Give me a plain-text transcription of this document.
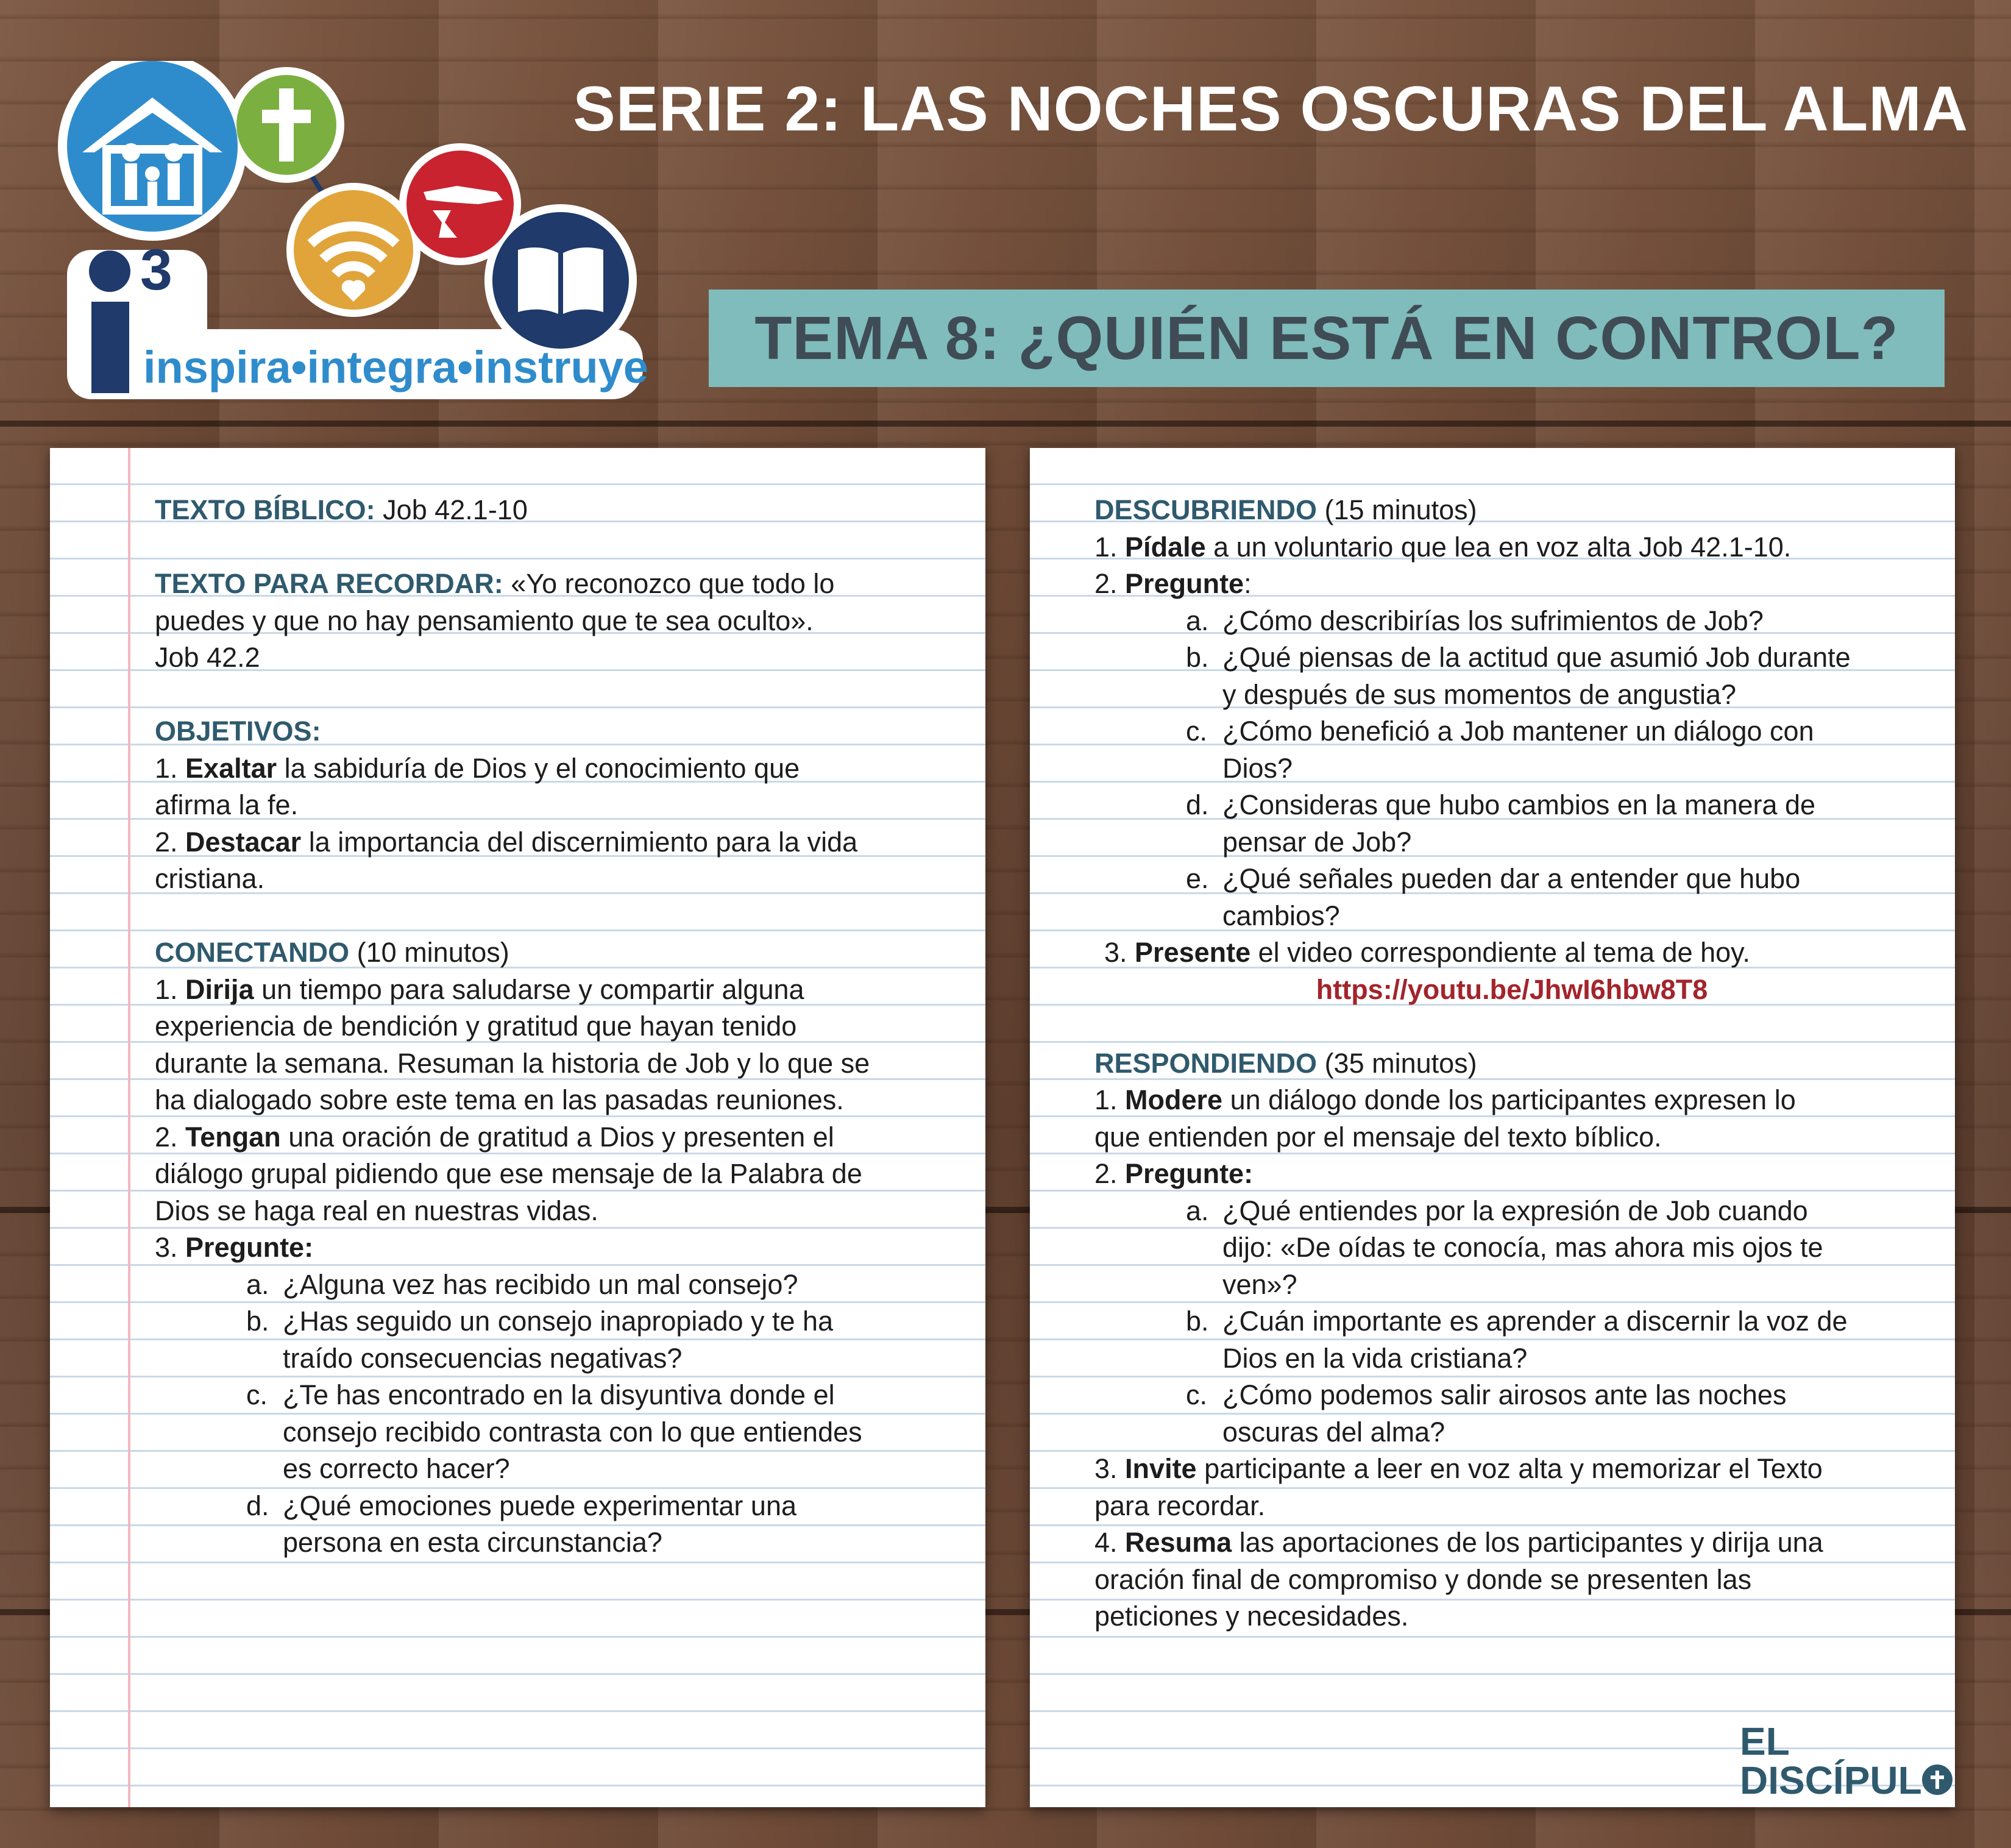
3
inspira•integra•instruye
SERIE 2: LAS NOCHES OSCURAS DEL ALMA
TEMA 8: ¿QUIÉN ESTÁ EN CONTROL?
TEXTO BÍBLICO: Job 42.1-10
TEXTO PARA RECORDAR: «Yo reconozco que todo lo
puedes y que no hay pensamiento que te sea oculto».
Job 42.2
OBJETIVOS:
1. Exaltar la sabiduría de Dios y el conocimiento que
afirma la fe.
2. Destacar la importancia del discernimiento para la vida
cristiana.
CONECTANDO (10 minutos)
1. Dirija un tiempo para saludarse y compartir alguna
experiencia de bendición y gratitud que hayan tenido
durante la semana. Resuman la historia de Job y lo que se
ha dialogado sobre este tema en las pasadas reuniones.
2. Tengan una oración de gratitud a Dios y presenten el
diálogo grupal pidiendo que ese mensaje de la Palabra de
Dios se haga real en nuestras vidas.
3. Pregunte:
a. ¿Alguna vez has recibido un mal consejo?
b. ¿Has seguido un consejo inapropiado y te ha
traído consecuencias negativas?
c. ¿Te has encontrado en la disyuntiva donde el
consejo recibido contrasta con lo que entiendes
es correcto hacer?
d. ¿Qué emociones puede experimentar una
persona en esta circunstancia?
DESCUBRIENDO (15 minutos)
1. Pídale a un voluntario que lea en voz alta Job 42.1-10.
2. Pregunte:
a. ¿Cómo describirías los sufrimientos de Job?
b. ¿Qué piensas de la actitud que asumió Job durante
y después de sus momentos de angustia?
c. ¿Cómo benefició a Job mantener un diálogo con
Dios?
d. ¿Consideras que hubo cambios en la manera de
pensar de Job?
e. ¿Qué señales pueden dar a entender que hubo
cambios?
3. Presente el video correspondiente al tema de hoy.
https://youtu.be/JhwI6hbw8T8
RESPONDIENDO (35 minutos)
1. Modere un diálogo donde los participantes expresen lo
que entienden por el mensaje del texto bíblico.
2. Pregunte:
a. ¿Qué entiendes por la expresión de Job cuando
dijo: «De oídas te conocía, mas ahora mis ojos te
ven»?
b. ¿Cuán importante es aprender a discernir la voz de
Dios en la vida cristiana?
c. ¿Cómo podemos salir airosos ante las noches
oscuras del alma?
3. Invite participante a leer en voz alta y memorizar el Texto
para recordar.
4. Resuma las aportaciones de los participantes y dirija una
oración final de compromiso y donde se presenten las
peticiones y necesidades.
EL
DISCÍPUL
